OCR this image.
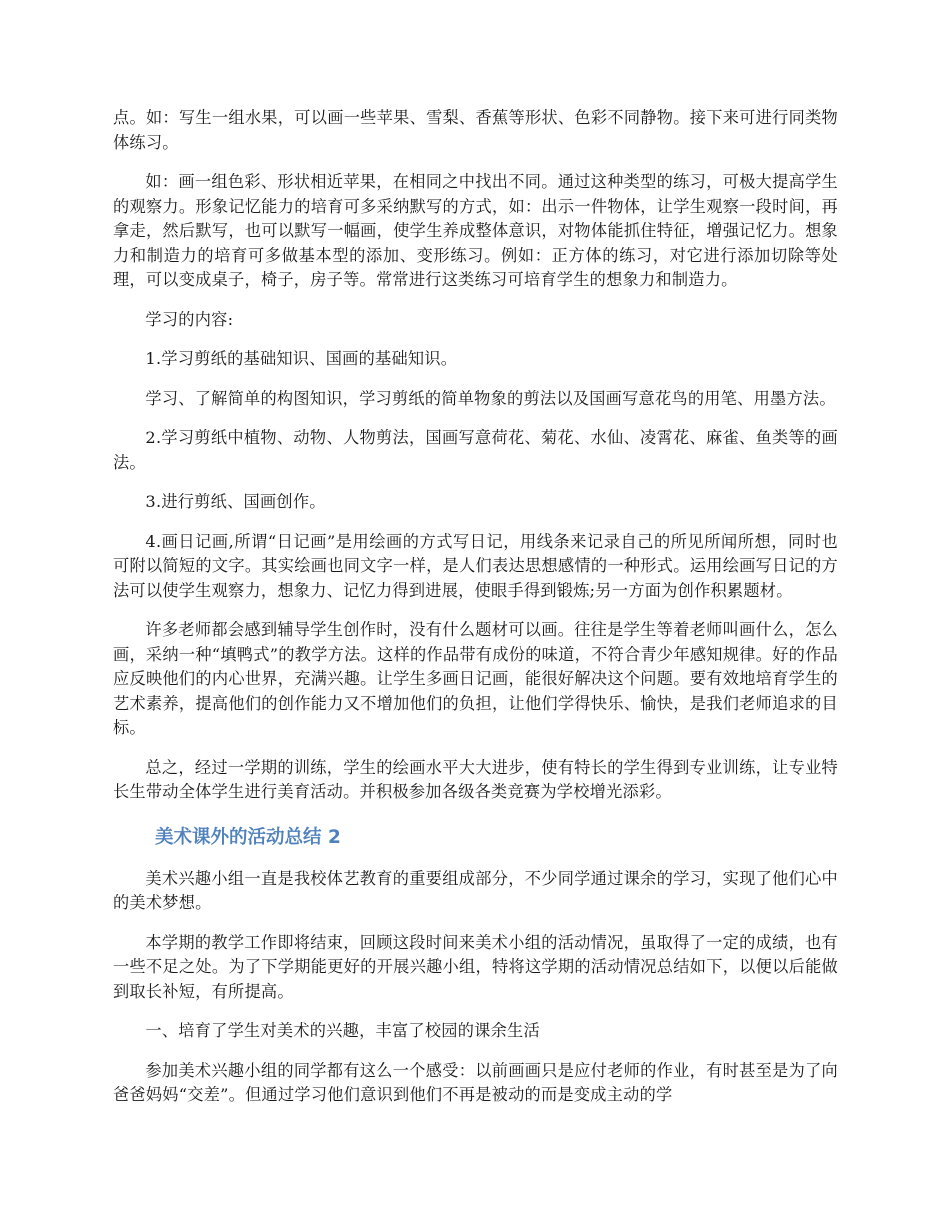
点。如：写生一组水果，可以画一些苹果、雪梨、香蕉等形状、色彩不同静物。接下来可进行同类物体练习。

如：画一组色彩、形状相近苹果，在相同之中找出不同。通过这种类型的练习，可极大提高学生的观察力。形象记忆能力的培育可多采纳默写的方式，如：出示一件物体，让学生观察一段时间，再拿走，然后默写，也可以默写一幅画，使学生养成整体意识，对物体能抓住特征，增强记忆力。想象力和制造力的培育可多做基本型的添加、变形练习。例如：正方体的练习，对它进行添加切除等处理，可以变成桌子，椅子，房子等。常常进行这类练习可培育学生的想象力和制造力。

学习的内容:

1.学习剪纸的基础知识、国画的基础知识。

学习、了解简单的构图知识，学习剪纸的简单物象的剪法以及国画写意花鸟的用笔、用墨方法。

2.学习剪纸中植物、动物、人物剪法，国画写意荷花、菊花、水仙、凌霄花、麻雀、鱼类等的画法。

3.进行剪纸、国画创作。

4.画日记画,所谓“日记画”是用绘画的方式写日记，用线条来记录自己的所见所闻所想，同时也可附以简短的文字。其实绘画也同文字一样，是人们表达思想感情的一种形式。运用绘画写日记的方法可以使学生观察力，想象力、记忆力得到进展，使眼手得到锻炼;另一方面为创作积累题材。

许多老师都会感到辅导学生创作时，没有什么题材可以画。往往是学生等着老师叫画什么，怎么画，采纳一种“填鸭式”的教学方法。这样的作品带有成份的味道，不符合青少年感知规律。好的作品应反映他们的内心世界，充满兴趣。让学生多画日记画，能很好解决这个问题。要有效地培育学生的艺术素养，提高他们的创作能力又不增加他们的负担，让他们学得快乐、愉快，是我们老师追求的目标。

总之，经过一学期的训练，学生的绘画水平大大进步，使有特长的学生得到专业训练，让专业特长生带动全体学生进行美育活动。并积极参加各级各类竞赛为学校增光添彩。

美术课外的活动总结 2

美术兴趣小组一直是我校体艺教育的重要组成部分，不少同学通过课余的学习，实现了他们心中的美术梦想。

本学期的教学工作即将结束，回顾这段时间来美术小组的活动情况，虽取得了一定的成绩，也有一些不足之处。为了下学期能更好的开展兴趣小组，特将这学期的活动情况总结如下，以便以后能做到取长补短，有所提高。

一、培育了学生对美术的兴趣，丰富了校园的课余生活

参加美术兴趣小组的同学都有这么一个感受：以前画画只是应付老师的作业，有时甚至是为了向爸爸妈妈“交差”。但通过学习他们意识到他们不再是被动的而是变成主动的学
